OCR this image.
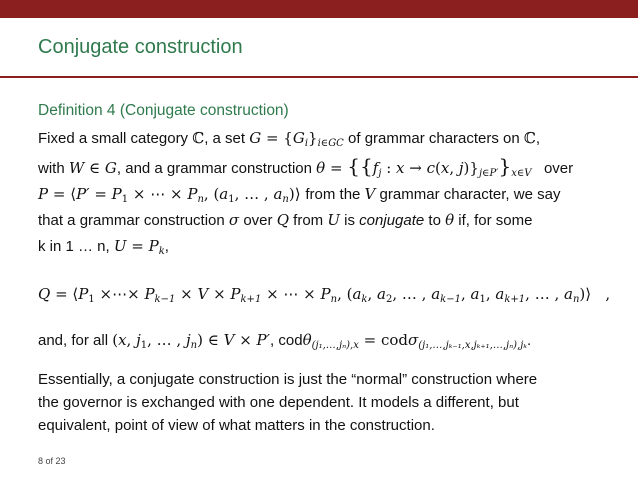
Conjugate construction
Definition 4 (Conjugate construction)
Fixed a small category ℂ, a set $G = \{G_i\}_{i\in GC}$ of grammar characters on ℂ,
with W ∈ G, and a grammar construction $\theta = \{\{f_j$ : x → c(x, $j)\}_{j\in P'}\}_{x\in V}$ over
P = ⟨P′ = $P_1$ × ⋯ × $P_n$, ($a_1$, … , $a_n)⟩$ from the V grammar character, we say
that a grammar construction σ over Q from U is conjugate to θ if, for some
k in 1 … n, $U = P_k$,
$Q = ⟨P_1$ ×⋯× $P_{k-1} \times V \times P_{k+1}$ × ⋯ × $P_n$, ($a_k$, $a_2$, … , $a_{k-1}$, $a_1$, $a_{k+1}$, … , $a_n)⟩$   ,
and, for all (x, $j_1$, … , $j_n$) ∈ V × P′, codθ$_{(j_1,\dots,j_n),x}$ = codσ$_{(j_1,\dots,j_{k-1},x,j_{k+1},\dots,j_n),j_k}$.
Essentially, a conjugate construction is just the “normal” construction where
the governor is exchanged with one dependent. It models a different, but
equivalent, point of view of what matters in the construction.
8 of 23
